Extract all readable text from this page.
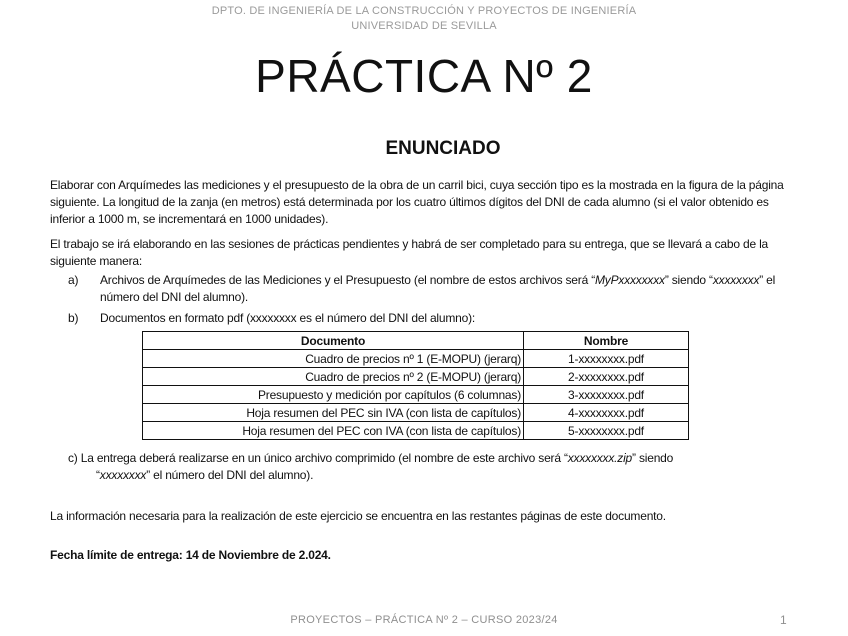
DPTO. DE INGENIERÍA DE LA CONSTRUCCIÓN Y PROYECTOS DE INGENIERÍA
UNIVERSIDAD DE SEVILLA
PRÁCTICA Nº 2
ENUNCIADO
Elaborar con Arquímedes las mediciones y el presupuesto de la obra de un carril bici, cuya sección tipo es la mostrada en la figura de la página siguiente. La longitud de la zanja (en metros) está determinada por los cuatro últimos dígitos del DNI de cada alumno (si el valor obtenido es inferior a 1000 m, se incrementará en 1000 unidades).
El trabajo se irá elaborando en las sesiones de prácticas pendientes y habrá de ser completado para su entrega, que se llevará a cabo de la siguiente manera:
a) Archivos de Arquímedes de las Mediciones y el Presupuesto (el nombre de estos archivos será “MyPxxxxxxxx” siendo “xxxxxxxx” el número del DNI del alumno).
b) Documentos en formato pdf (xxxxxxxx es el número del DNI del alumno):
Documento	Nombre
Cuadro de precios nº 1 (E-MOPU) (jerarq)	1-xxxxxxxx.pdf
Cuadro de precios nº 2 (E-MOPU) (jerarq)	2-xxxxxxxx.pdf
Presupuesto y medición por capítulos (6 columnas)	3-xxxxxxxx.pdf
Hoja resumen del PEC sin IVA (con lista de capítulos)	4-xxxxxxxx.pdf
Hoja resumen del PEC con IVA (con lista de capítulos)	5-xxxxxxxx.pdf
c) La entrega deberá realizarse en un único archivo comprimido (el nombre de este archivo será “xxxxxxxx.zip” siendo
“xxxxxxxx” el número del DNI del alumno).
La información necesaria para la realización de este ejercicio se encuentra en las restantes páginas de este documento.
Fecha límite de entrega: 14 de Noviembre de 2.024.
PROYECTOS – PRÁCTICA Nº 2 – CURSO 2023/24	1
